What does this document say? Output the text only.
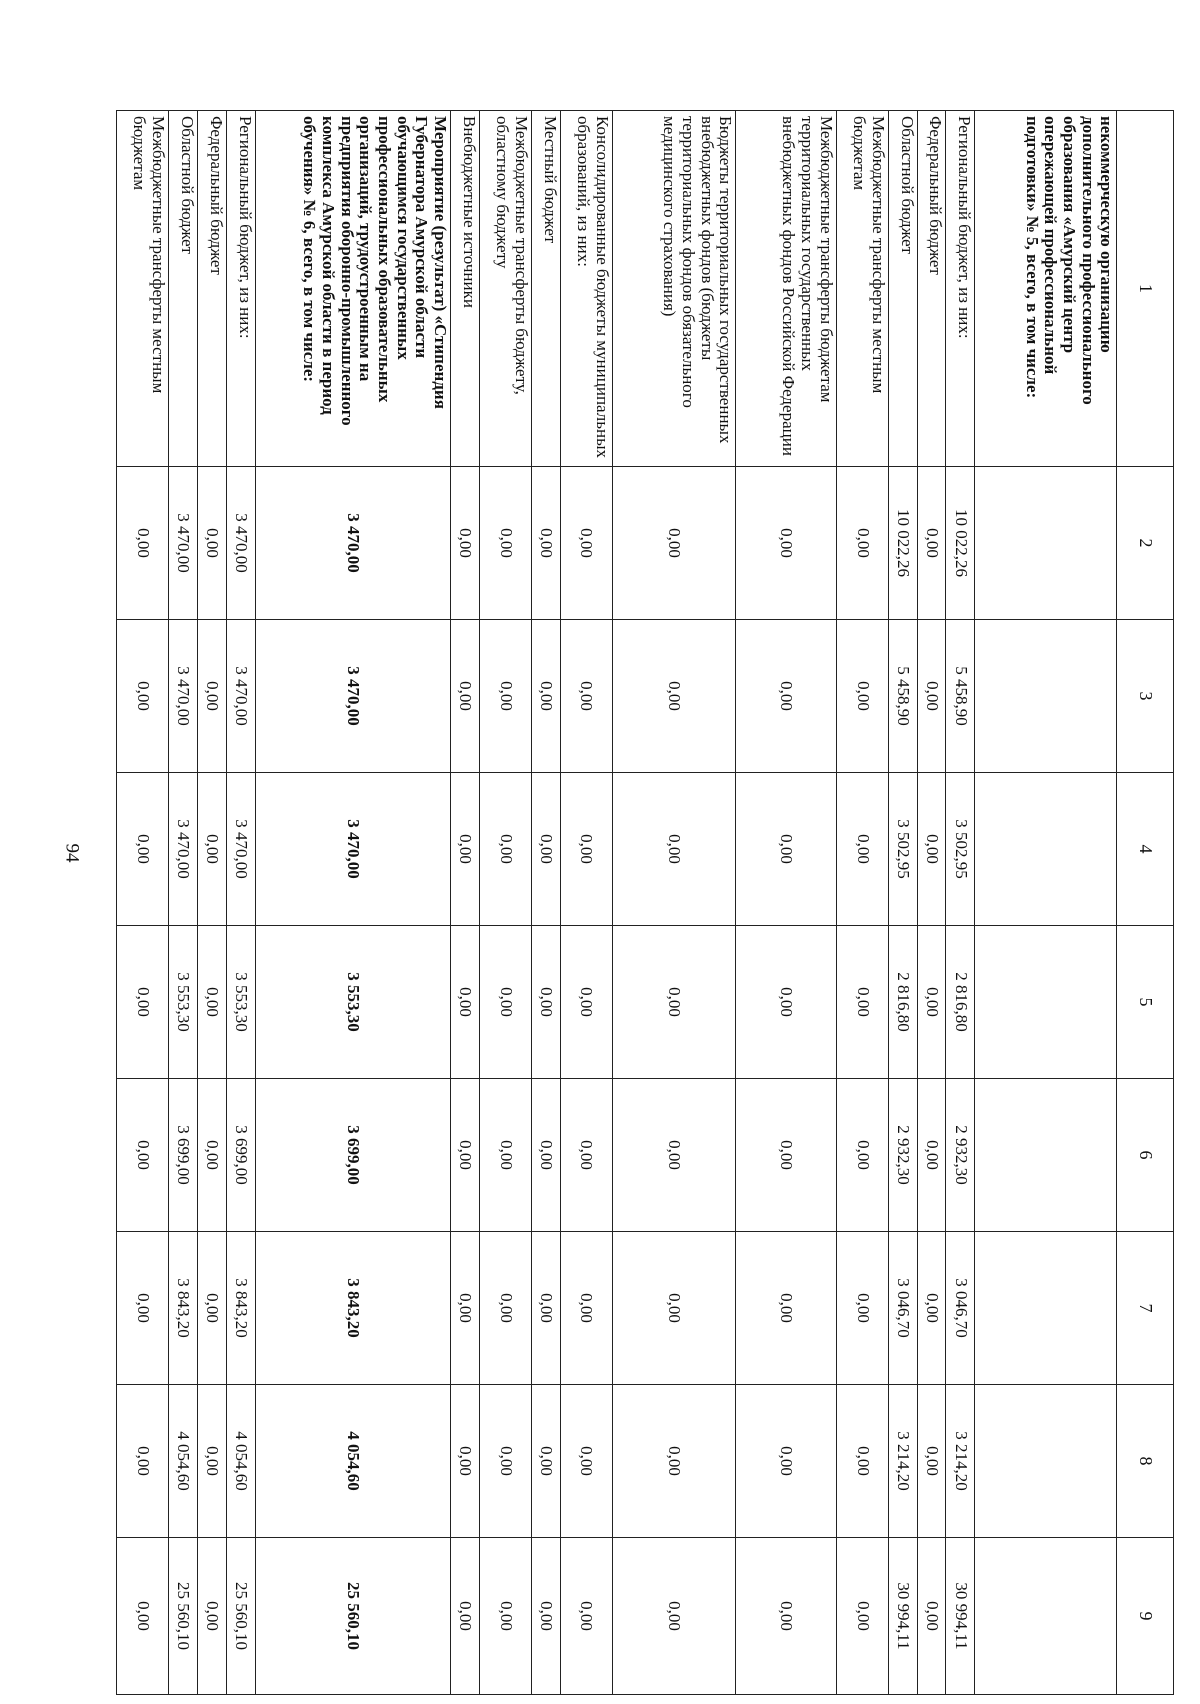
94
1	2	3	4	5	6	7	8	9
некоммерческую организацию дополнительного профессионального образования «Амурский центр опережающей профессиональной подготовки» № 5, всего, в том числе:								
Региональный бюджет, из них:	10 022,26	5 458,90	3 502,95	2 816,80	2 932,30	3 046,70	3 214,20	30 994,11
Федеральный бюджет	0,00	0,00	0,00	0,00	0,00	0,00	0,00	0,00
Областной бюджет	10 022,26	5 458,90	3 502,95	2 816,80	2 932,30	3 046,70	3 214,20	30 994,11
Межбюджетные трансферты местным бюджетам	0,00	0,00	0,00	0,00	0,00	0,00	0,00	0,00
Межбюджетные трансферты бюджетам территориальных государственных внебюджетных фондов Российской Федерации	0,00	0,00	0,00	0,00	0,00	0,00	0,00	0,00
Бюджеты территориальных государственных внебюджетных фондов (бюджеты территориальных фондов обязательного медицинского страхования)	0,00	0,00	0,00	0,00	0,00	0,00	0,00	0,00
Консолидированные бюджеты муниципальных образований, из них:	0,00	0,00	0,00	0,00	0,00	0,00	0,00	0,00
Местный бюджет	0,00	0,00	0,00	0,00	0,00	0,00	0,00	0,00
Межбюджетные трансферты бюджету, областному бюджету	0,00	0,00	0,00	0,00	0,00	0,00	0,00	0,00
Внебюджетные источники	0,00	0,00	0,00	0,00	0,00	0,00	0,00	0,00
Мероприятие (результат) «Стипендия Губернатора Амурской области обучающимся государственных профессиональных образовательных организаций, трудоустроенным на предприятия оборонно-промышленного комплекса Амурской области в период обучения» № 6, всего, в том числе:	3 470,00	3 470,00	3 470,00	3 553,30	3 699,00	3 843,20	4 054,60	25 560,10
Региональный бюджет, из них:	3 470,00	3 470,00	3 470,00	3 553,30	3 699,00	3 843,20	4 054,60	25 560,10
Федеральный бюджет	0,00	0,00	0,00	0,00	0,00	0,00	0,00	0,00
Областной бюджет	3 470,00	3 470,00	3 470,00	3 553,30	3 699,00	3 843,20	4 054,60	25 560,10
Межбюджетные трансферты местным бюджетам	0,00	0,00	0,00	0,00	0,00	0,00	0,00	0,00
